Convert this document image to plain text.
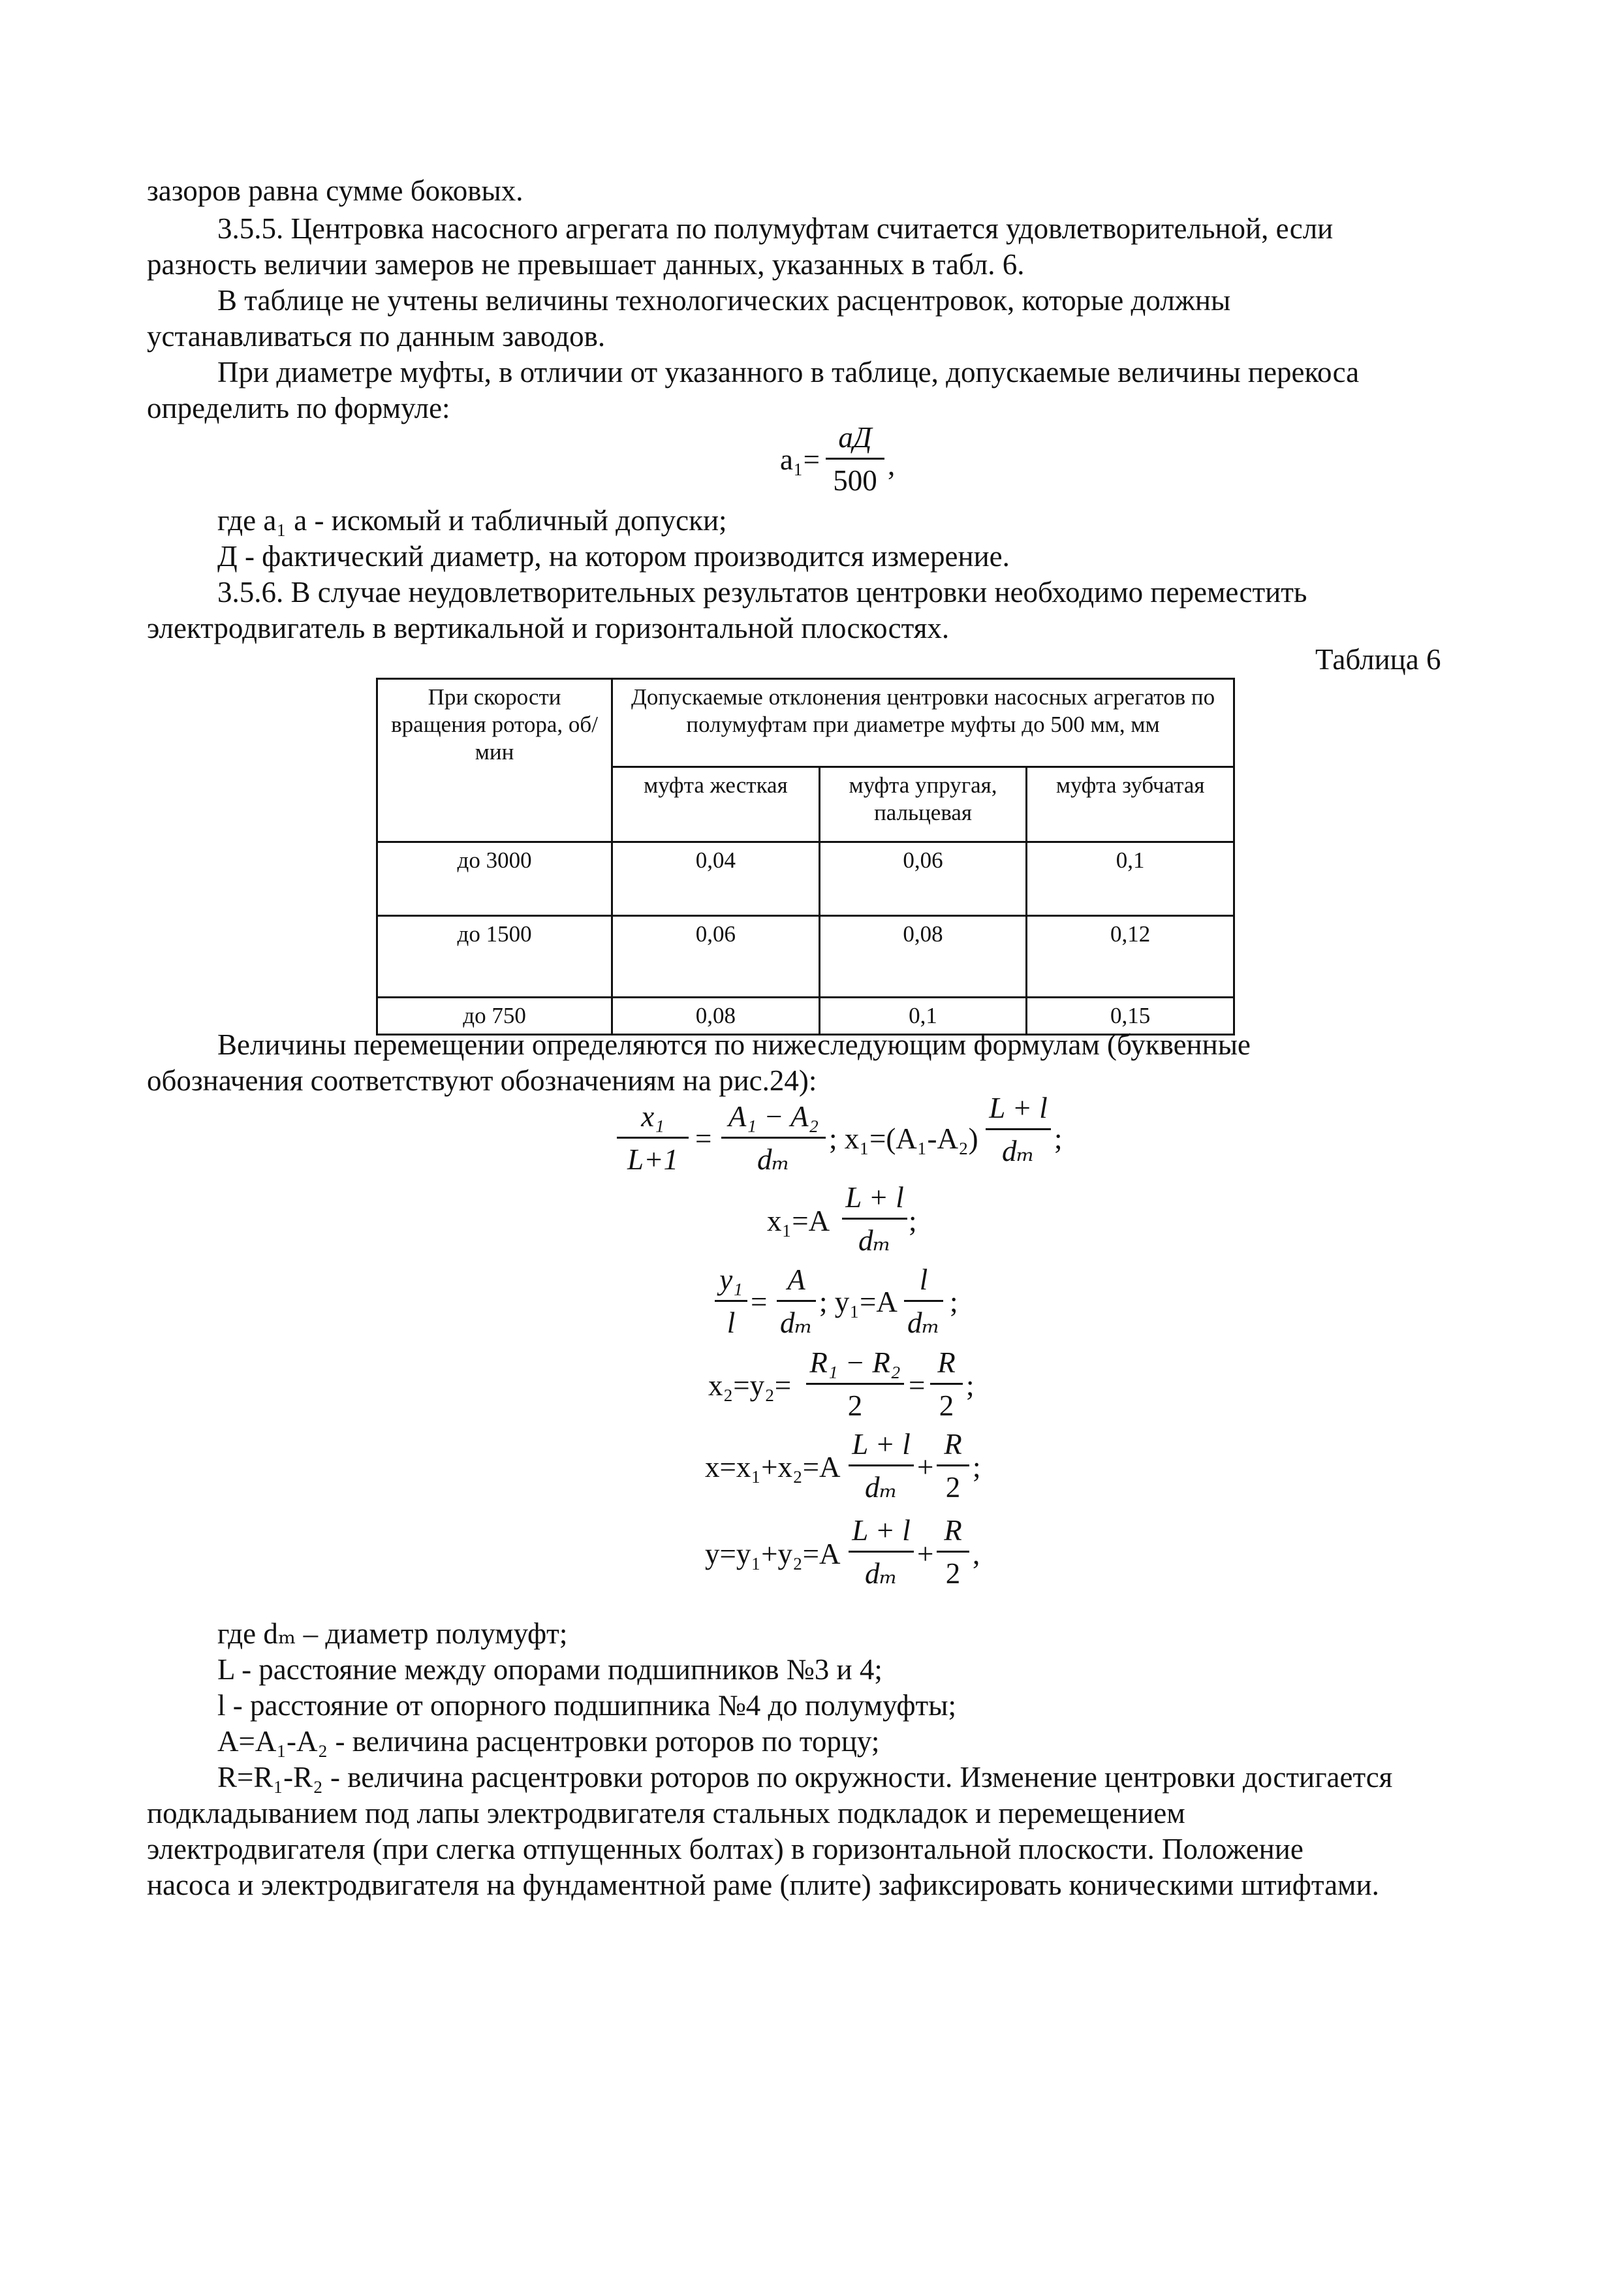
зазоров равна сумме боковых.
3.5.5. Центровка насосного агрегата по полумуфтам считается удовлетворительной, если
разность величии замеров не превышает данных, указанных в табл. 6.
В таблице не учтены величины технологических расцентровок, которые должны
устанавливаться по данным заводов.
При диаметре муфты, в отличии от указанного в таблице, допускаемые величины перекоса
определить по формуле:
a₁=
aД
500 ,
где a₁ a - искомый и табличный допуски;
Д - фактический диаметр, на котором производится измерение.
3.5.6. В случае неудовлетворительных результатов центровки необходимо переместить
электродвигатель в вертикальной и горизонтальной плоскостях.
Таблица 6
При скорости вращения ротора, об/мин	Допускаемые отклонения центровки насосных агрегатов по полумуфтам при диаметре муфты до 500 мм, мм		
	муфта жесткая	муфта упругая, пальцевая	муфта зубчатая
до 3000	0,04	0,06	0,1
до 1500	0,06	0,08	0,12
до 750	0,08	0,1	0,15
Величины перемещении определяются по нижеследующим формулам (буквенные
обозначения соответствуют обозначениям на рис.24):
x₁
L+1
=
A₁ − A₂
dₘ
; x₁=(A₁-A₂)
L + l
dₘ ;
x₁=A
L + l
dₘ
;
y₁
l
=
A
dₘ
; y₁=A
l
dₘ
;
x₂=y₂=
R₁ − R₂
2
=
R
2
;
x=x₁+x₂=A
L + l
dₘ
+
R
2
;
y=y₁+y₂=A
L + l
dₘ
+
R
2
,
где dₘ – диаметр полумуфт;
L - расстояние между опорами подшипников №3 и 4;
l - расстояние от опорного подшипника №4 до полумуфты;
A=A₁-A₂ - величина расцентровки роторов по торцу;
R=R₁-R₂ - величина расцентровки роторов по окружности. Изменение центровки достигается
подкладыванием под лапы электродвигателя стальных подкладок и перемещением
электродвигателя (при слегка отпущенных болтах) в горизонтальной плоскости. Положение
насоса и электродвигателя на фундаментной раме (плите) зафиксировать коническими штифтами.
